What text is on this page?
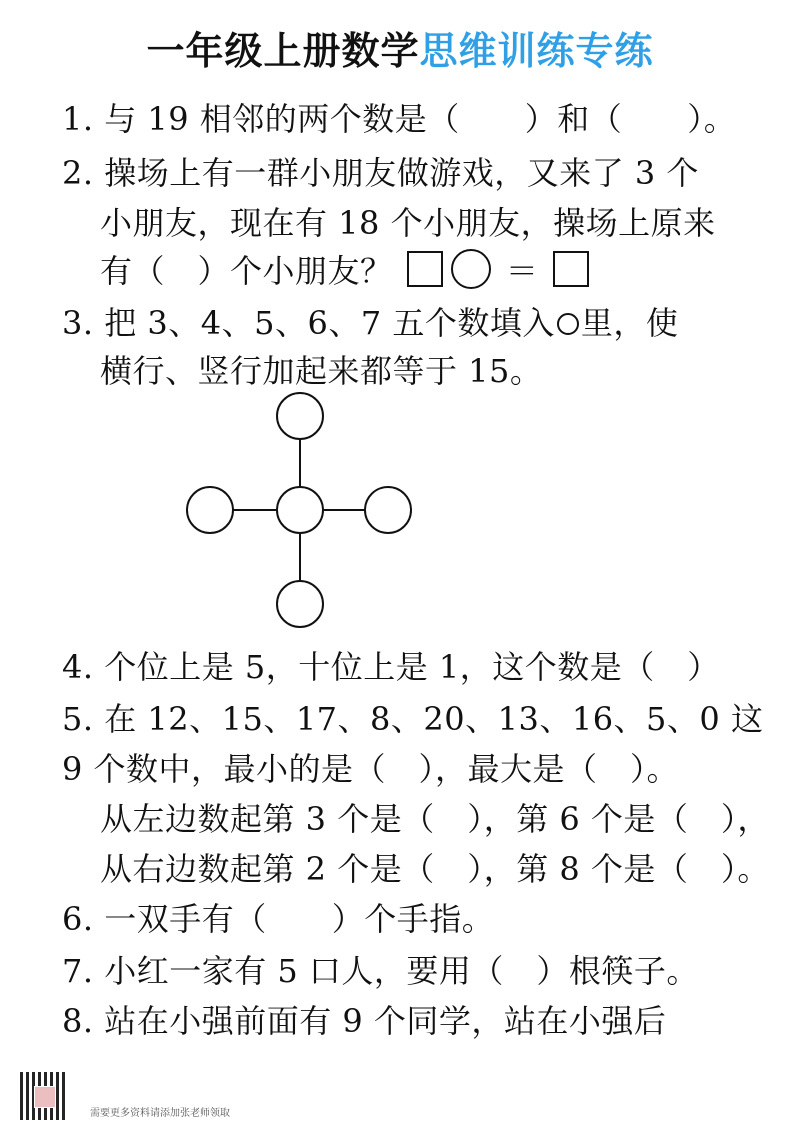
一年级上册数学思维训练专练
1. 与 19 相邻的两个数是（　　）和（　　）。
2. 操场上有一群小朋友做游戏，又来了 3 个
小朋友，现在有 18 个小朋友，操场上原来
有（　）个小朋友？	＝
3. 把 3、4、5、6、7 五个数填入 里，使
横行、竖行加起来都等于 15。
4. 个位上是 5，十位上是 1，这个数是（　）
5. 在 12、15、17、8、20、13、16、5、0 这
9 个数中，最小的是（　），最大是（　）。
从左边数起第 3 个是（　），第 6 个是（　），
从右边数起第 2 个是（　），第 8 个是（　）。
6. 一双手有（　　）个手指。
7. 小红一家有 5 口人，要用（　）根筷子。
8. 站在小强前面有 9 个同学，站在小强后
需要更多资料请添加张老师领取
